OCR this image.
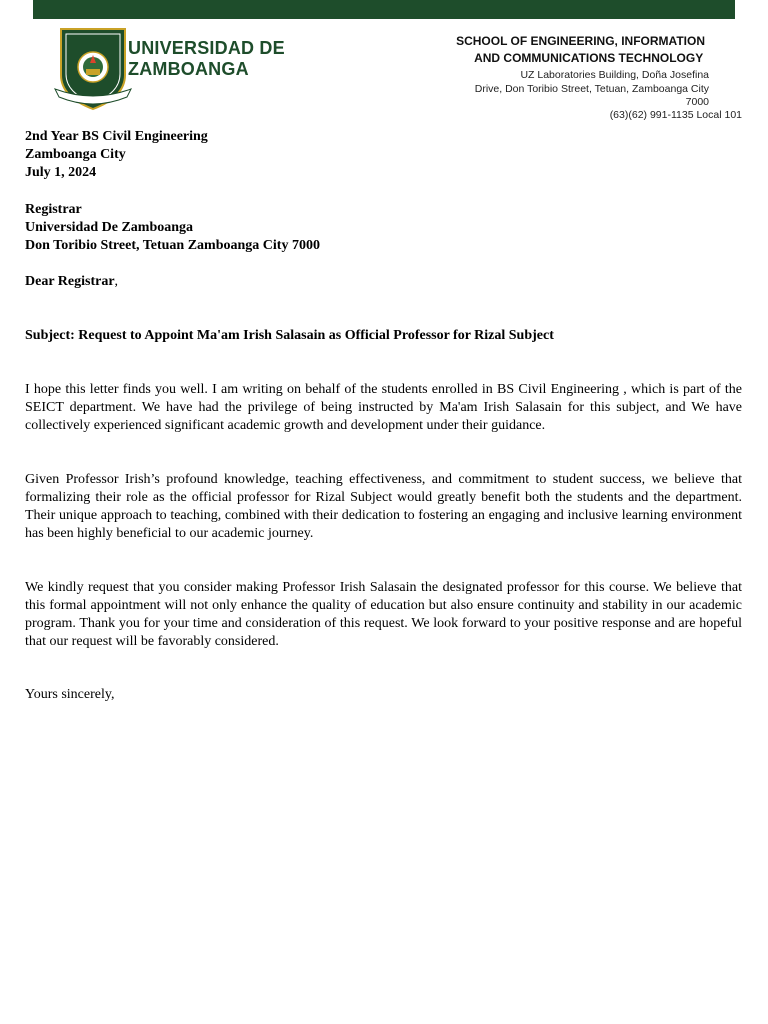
UNIVERSIDAD DE
ZAMBOANGA
SCHOOL OF ENGINEERING, INFORMATION
AND COMMUNICATIONS TECHNOLOGY
UZ Laboratories Building, Doña Josefina
Drive, Don Toribio Street, Tetuan, Zamboanga City
7000
(63)(62) 991-1135 Local 101
2nd Year BS Civil Engineering
Zamboanga City
July 1, 2024
Registrar
Universidad De Zamboanga
Don Toribio Street, Tetuan Zamboanga City 7000
Dear Registrar,
Subject: Request to Appoint Ma'am Irish Salasain as Official Professor for Rizal Subject

I hope this letter finds you well. I am writing on behalf of the students enrolled in BS Civil Engineering , which is part of the SEICT department. We have had the privilege of being instructed by Ma'am Irish Salasain for this subject, and We have collectively experienced significant academic growth and development under their guidance.

Given Professor Irish’s profound knowledge, teaching effectiveness, and commitment to student success, we believe that formalizing their role as the official professor for Rizal Subject would greatly benefit both the students and the department. Their unique approach to teaching, combined with their dedication to fostering an engaging and inclusive learning environment has been highly beneficial to our academic journey.

We kindly request that you consider making Professor Irish Salasain the designated professor for this course. We believe that this formal appointment will not only enhance the quality of education but also ensure continuity and stability in our academic program. Thank you for your time and consideration of this request. We look forward to your positive response and are hopeful that our request will be favorably considered.

Yours sincerely,
